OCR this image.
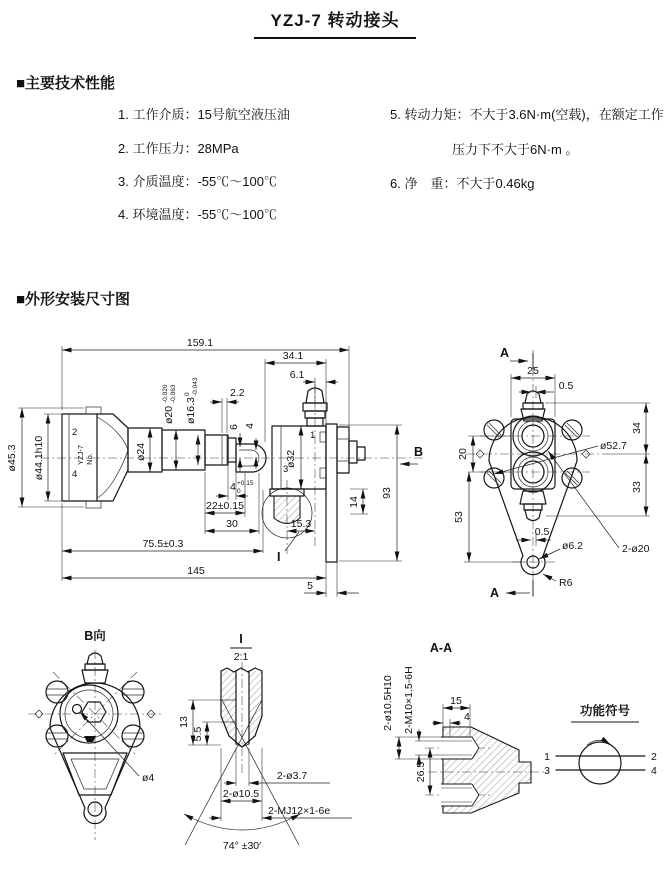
YZJ-7 转动接头
■主要技术性能
1. 工作介质：15号航空液压油
2. 工作压力：28MPa
3. 介质温度：-55℃～100℃
4. 环境温度：-55℃～100℃
5. 转动力矩：不大于3.6N·m(空载)，在额定工作
压力下不大于6N·m 。
6. 净　重：不大于0.46kg
■外形安装尺寸图
159.1
34.1
6.1
2.2
ø45.3 ø44.1h10	ø24
ø20
-0.020 -0.063
ø16.3
0 -0.043
6 4
ø32
4 +0.15
0
22±0.15
30
75.5±0.3
145
15.3
93
B
14
5
1
3
2
4
YZJ-7 No.
I
A
25
0.5
20
53
34
33
ø52.7
2-ø20
0.5
ø6.2
R6
A
B向
ø4
I
2:1
13
5.5
2-ø3.7
2-ø10.5
2-MJ12×1-6e
74° ±30′
A-A
15
4
2-ø10.5H10 2-M10×1.5-6H
26.5
功能符号
1
3
2
4
